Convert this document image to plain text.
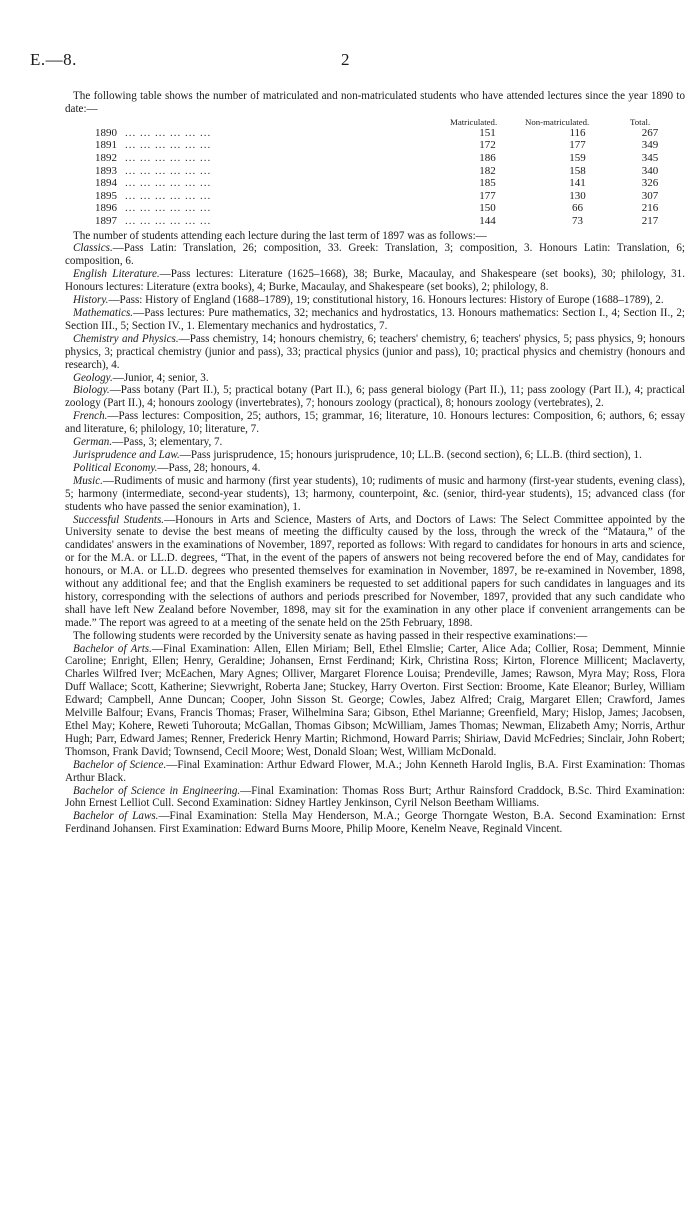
E.—8.	2

The following table shows the number of matriculated and non-matriculated students who have attended lectures since the year 1890 to date:—

Matriculated.	Non-matriculated.	Total.
1890 ... ... ... ... ... ...	151	116	267
1891 ... ... ... ... ... ...	172	177	349
1892 ... ... ... ... ... ...	186	159	345
1893 ... ... ... ... ... ...	182	158	340
1894 ... ... ... ... ... ...	185	141	326
1895 ... ... ... ... ... ...	177	130	307
1896 ... ... ... ... ... ...	150	66	216
1897 ... ... ... ... ... ...	144	73	217

The number of students attending each lecture during the last term of 1897 was as follows:—

Classics.—Pass Latin: Translation, 26; composition, 33. Greek: Translation, 3; composition, 3. Honours Latin: Translation, 6; composition, 6.

English Literature.—Pass lectures: Literature (1625–1668), 38; Burke, Macaulay, and Shakespeare (set books), 30; philology, 31. Honours lectures: Literature (extra books), 4; Burke, Macaulay, and Shakespeare (set books), 2; philology, 8.

History.—Pass: History of England (1688–1789), 19; constitutional history, 16. Honours lectures: History of Europe (1688–1789), 2.

Mathematics.—Pass lectures: Pure mathematics, 32; mechanics and hydrostatics, 13. Honours mathematics: Section I., 4; Section II., 2; Section III., 5; Section IV., 1. Elementary mechanics and hydrostatics, 7.

Chemistry and Physics.—Pass chemistry, 14; honours chemistry, 6; teachers' chemistry, 6; teachers' physics, 5; pass physics, 9; honours physics, 3; practical chemistry (junior and pass), 33; practical physics (junior and pass), 10; practical physics and chemistry (honours and research), 4.

Geology.—Junior, 4; senior, 3.

Biology.—Pass botany (Part II.), 5; practical botany (Part II.), 6; pass general biology (Part II.), 11; pass zoology (Part II.), 4; practical zoology (Part II.), 4; honours zoology (invertebrates), 7; honours zoology (practical), 8; honours zoology (vertebrates), 2.

French.—Pass lectures: Composition, 25; authors, 15; grammar, 16; literature, 10. Honours lectures: Composition, 6; authors, 6; essay and literature, 6; philology, 10; literature, 7.

German.—Pass, 3; elementary, 7.

Jurisprudence and Law.—Pass jurisprudence, 15; honours jurisprudence, 10; LL.B. (second section), 6; LL.B. (third section), 1.

Political Economy.—Pass, 28; honours, 4.

Music.—Rudiments of music and harmony (first year students), 10; rudiments of music and harmony (first-year students, evening class), 5; harmony (intermediate, second-year students), 13; harmony, counterpoint, &c. (senior, third-year students), 15; advanced class (for students who have passed the senior examination), 1.

Successful Students.—Honours in Arts and Science, Masters of Arts, and Doctors of Laws: The Select Committee appointed by the University senate to devise the best means of meeting the difficulty caused by the loss, through the wreck of the “Mataura,” of the candidates' answers in the examinations of November, 1897, reported as follows: With regard to candidates for honours in arts and science, or for the M.A. or LL.D. degrees, “That, in the event of the papers of answers not being recovered before the end of May, candidates for honours, or M.A. or LL.D. degrees who presented themselves for examination in November, 1897, be re-examined in November, 1898, without any additional fee; and that the English examiners be requested to set additional papers for such candidates in languages and its history, corresponding with the selections of authors and periods prescribed for November, 1897, provided that any such candidate who shall have left New Zealand before November, 1898, may sit for the examination in any other place if convenient arrangements can be made.” The report was agreed to at a meeting of the senate held on the 25th February, 1898.

The following students were recorded by the University senate as having passed in their respective examinations:—

Bachelor of Arts.—Final Examination: Allen, Ellen Miriam; Bell, Ethel Elmslie; Carter, Alice Ada; Collier, Rosa; Demment, Minnie Caroline; Enright, Ellen; Henry, Geraldine; Johansen, Ernst Ferdinand; Kirk, Christina Ross; Kirton, Florence Millicent; Maclaverty, Charles Wilfred Iver; McEachen, Mary Agnes; Olliver, Margaret Florence Louisa; Prendeville, James; Rawson, Myra May; Ross, Flora Duff Wallace; Scott, Katherine; Sievwright, Roberta Jane; Stuckey, Harry Overton. First Section: Broome, Kate Eleanor; Burley, William Edward; Campbell, Anne Duncan; Cooper, John Sisson St. George; Cowles, Jabez Alfred; Craig, Margaret Ellen; Crawford, James Melville Balfour; Evans, Francis Thomas; Fraser, Wilhelmina Sara; Gibson, Ethel Marianne; Greenfield, Mary; Hislop, James; Jacobsen, Ethel May; Kohere, Reweti Tuhorouta; McGallan, Thomas Gibson; McWilliam, James Thomas; Newman, Elizabeth Amy; Norris, Arthur Hugh; Parr, Edward James; Renner, Frederick Henry Martin; Richmond, Howard Parris; Shiriaw, David McFedries; Sinclair, John Robert; Thomson, Frank David; Townsend, Cecil Moore; West, Donald Sloan; West, William McDonald.

Bachelor of Science.—Final Examination: Arthur Edward Flower, M.A.; John Kenneth Harold Inglis, B.A. First Examination: Thomas Arthur Black.

Bachelor of Science in Engineering.—Final Examination: Thomas Ross Burt; Arthur Rainsford Craddock, B.Sc. Third Examination: John Ernest Lelliot Cull. Second Examination: Sidney Hartley Jenkinson, Cyril Nelson Beetham Williams.

Bachelor of Laws.—Final Examination: Stella May Henderson, M.A.; George Thorngate Weston, B.A. Second Examination: Ernst Ferdinand Johansen. First Examination: Edward Burns Moore, Philip Moore, Kenelm Neave, Reginald Vincent.
